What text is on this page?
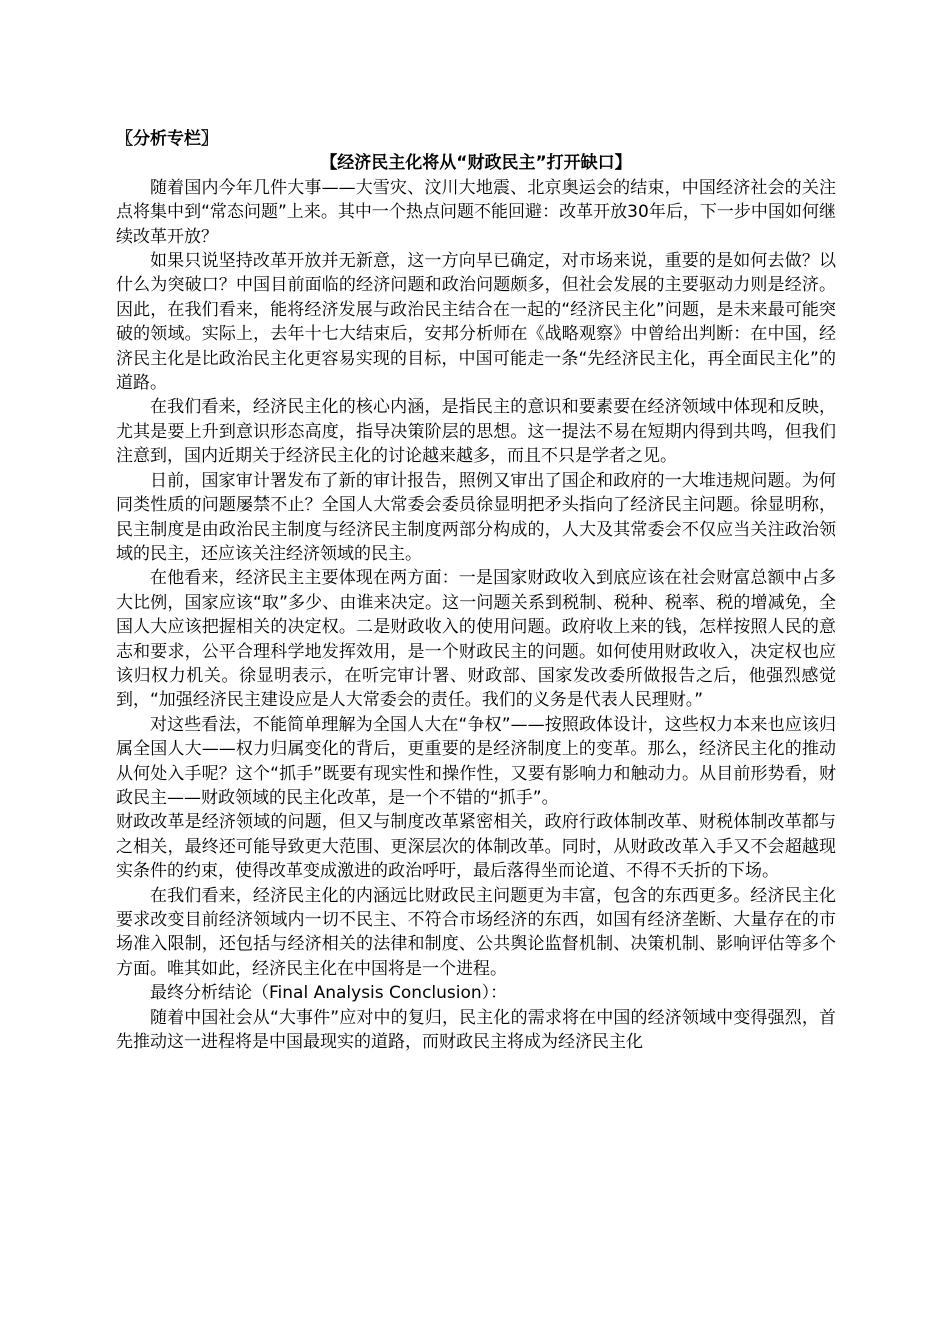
〖分析专栏〗

【经济民主化将从“财政民主”打开缺口】

随着国内今年几件大事——大雪灾、汶川大地震、北京奥运会的结束，中国经济社会的关注点将集中到“常态问题”上来。其中一个热点问题不能回避：改革开放30年后，下一步中国如何继续改革开放？

如果只说坚持改革开放并无新意，这一方向早已确定，对市场来说，重要的是如何去做？以什么为突破口？中国目前面临的经济问题和政治问题颇多，但社会发展的主要驱动力则是经济。因此，在我们看来，能将经济发展与政治民主结合在一起的“经济民主化”问题，是未来最可能突破的领域。实际上，去年十七大结束后，安邦分析师在《战略观察》中曾给出判断：在中国，经济民主化是比政治民主化更容易实现的目标，中国可能走一条“先经济民主化，再全面民主化”的道路。

在我们看来，经济民主化的核心内涵，是指民主的意识和要素要在经济领域中体现和反映，尤其是要上升到意识形态高度，指导决策阶层的思想。这一提法不易在短期内得到共鸣，但我们注意到，国内近期关于经济民主化的讨论越来越多，而且不只是学者之见。

日前，国家审计署发布了新的审计报告，照例又审出了国企和政府的一大堆违规问题。为何同类性质的问题屡禁不止？全国人大常委会委员徐显明把矛头指向了经济民主问题。徐显明称，民主制度是由政治民主制度与经济民主制度两部分构成的，人大及其常委会不仅应当关注政治领域的民主，还应该关注经济领域的民主。

在他看来，经济民主主要体现在两方面：一是国家财政收入到底应该在社会财富总额中占多大比例，国家应该“取”多少、由谁来决定。这一问题关系到税制、税种、税率、税的增减免，全国人大应该把握相关的决定权。二是财政收入的使用问题。政府收上来的钱，怎样按照人民的意志和要求，公平合理科学地发挥效用，是一个财政民主的问题。如何使用财政收入，决定权也应该归权力机关。徐显明表示，在听完审计署、财政部、国家发改委所做报告之后，他强烈感觉到，“加强经济民主建设应是人大常委会的责任。我们的义务是代表人民理财。”

对这些看法，不能简单理解为全国人大在“争权”——按照政体设计，这些权力本来也应该归属全国人大——权力归属变化的背后，更重要的是经济制度上的变革。那么，经济民主化的推动从何处入手呢？这个“抓手”既要有现实性和操作性，又要有影响力和触动力。从目前形势看，财政民主——财政领域的民主化改革，是一个不错的“抓手”。

财政改革是经济领域的问题，但又与制度改革紧密相关，政府行政体制改革、财税体制改革都与之相关，最终还可能导致更大范围、更深层次的体制改革。同时，从财政改革入手又不会超越现实条件的约束，使得改革变成激进的政治呼吁，最后落得坐而论道、不得不夭折的下场。

在我们看来，经济民主化的内涵远比财政民主问题更为丰富，包含的东西更多。经济民主化要求改变目前经济领域内一切不民主、不符合市场经济的东西，如国有经济垄断、大量存在的市场准入限制，还包括与经济相关的法律和制度、公共舆论监督机制、决策机制、影响评估等多个方面。唯其如此，经济民主化在中国将是一个进程。

最终分析结论（Final Analysis Conclusion）：

随着中国社会从“大事件”应对中的复归，民主化的需求将在中国的经济领域中变得强烈，首先推动这一进程将是中国最现实的道路，而财政民主将成为经济民主化
